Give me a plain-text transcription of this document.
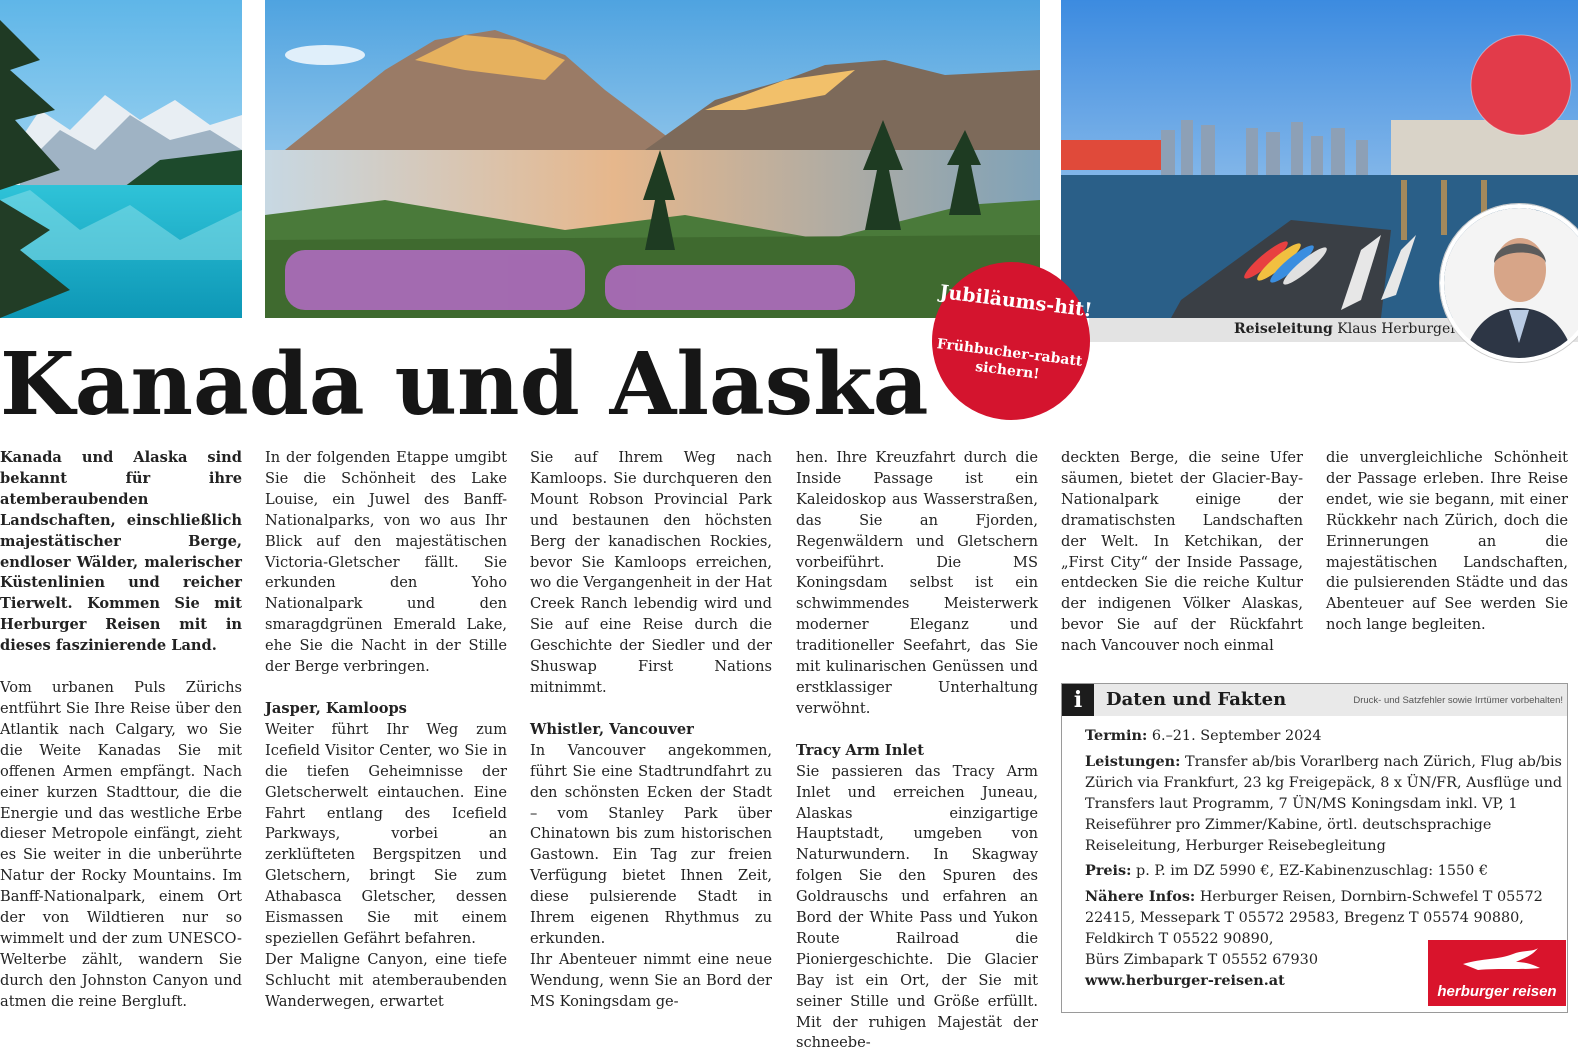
Reiseleitung Klaus Herburger
Jubiläums-hit!
Frühbucher-rabatt sichern!
Kanada und Alaska

Kanada und Alaska sind bekannt für ihre atemberaubenden Landschaften, einschließlich majestätischer Berge, endloser Wälder, malerischer Küstenlinien und reicher Tierwelt. Kommen Sie mit Herburger Reisen mit in dieses faszinierende Land.

Vom urbanen Puls Zürichs entführt Sie Ihre Reise über den Atlantik nach Calgary, wo Sie die Weite Kanadas Sie mit offenen Armen empfängt. Nach einer kurzen Stadttour, die die Energie und das westliche Erbe dieser Metropole einfängt, zieht es Sie weiter in die unberührte Natur der Rocky Mountains. Im Banff-Nationalpark, einem Ort der von Wildtieren nur so wimmelt und der zum UNESCO-Welterbe zählt, wandern Sie durch den Johnston Canyon und atmen die reine Bergluft.

In der folgenden Etappe umgibt Sie die Schönheit des Lake Louise, ein Juwel des Banff-Nationalparks, von wo aus Ihr Blick auf den majestätischen Victoria-Gletscher fällt. Sie erkunden den Yoho Nationalpark und den smaragdgrünen Emerald Lake, ehe Sie die Nacht in der Stille der Berge verbringen.

Jasper, Kamloops

Weiter führt Ihr Weg zum Icefield Visitor Center, wo Sie in die tiefen Geheimnisse der Gletscherwelt eintauchen. Eine Fahrt entlang des Icefield Parkways, vorbei an zerklüfteten Bergspitzen und Gletschern, bringt Sie zum Athabasca Gletscher, dessen Eismassen Sie mit einem speziellen Gefährt befahren.

Der Maligne Canyon, eine tiefe Schlucht mit atemberaubenden Wanderwegen, erwartet

Sie auf Ihrem Weg nach Kamloops. Sie durchqueren den Mount Robson Provincial Park und bestaunen den höchsten Berg der kanadischen Rockies, bevor Sie Kamloops erreichen, wo die Vergangenheit in der Hat Creek Ranch lebendig wird und Sie auf eine Reise durch die Geschichte der Siedler und der Shuswap First Nations mitnimmt.

Whistler, Vancouver

In Vancouver angekommen, führt Sie eine Stadtrundfahrt zu den schönsten Ecken der Stadt – vom Stanley Park über Chinatown bis zum historischen Gastown. Ein Tag zur freien Verfügung bietet Ihnen Zeit, diese pulsierende Stadt in Ihrem eigenen Rhythmus zu erkunden.

Ihr Abenteuer nimmt eine neue Wendung, wenn Sie an Bord der MS Koningsdam ge-

hen. Ihre Kreuzfahrt durch die Inside Passage ist ein Kaleidoskop aus Wasserstraßen, das Sie an Fjorden, Regenwäldern und Gletschern vorbeiführt. Die MS Koningsdam selbst ist ein schwimmendes Meisterwerk moderner Eleganz und traditioneller Seefahrt, das Sie mit kulinarischen Genüssen und erstklassiger Unterhaltung verwöhnt.

Tracy Arm Inlet

Sie passieren das Tracy Arm Inlet und erreichen Juneau, Alaskas einzigartige Hauptstadt, umgeben von Naturwundern. In Skagway folgen Sie den Spuren des Goldrauschs und erfahren an Bord der White Pass und Yukon Route Railroad die Pioniergeschichte. Die Glacier Bay ist ein Ort, der Sie mit seiner Stille und Größe erfüllt. Mit der ruhigen Majestät der schneebe-

deckten Berge, die seine Ufer säumen, bietet der Glacier-Bay-Nationalpark einige der dramatischsten Landschaften der Welt. In Ketchikan, der „First City“ der Inside Passage, entdecken Sie die reiche Kultur der indigenen Völker Alaskas, bevor Sie auf der Rückfahrt nach Vancouver noch einmal

die unvergleichliche Schönheit der Passage erleben. Ihre Reise endet, wie sie begann, mit einer Rückkehr nach Zürich, doch die Erinnerungen an die majestätischen Landschaften, die pulsierenden Städte und das Abenteuer auf See werden Sie noch lange begleiten.

i	Daten und Fakten	Druck- und Satzfehler sowie Irrtümer vorbehalten!

Termin: 6.–21. September 2024

Leistungen: Transfer ab/bis Vorarlberg nach Zürich, Flug ab/bis Zürich via Frankfurt, 23 kg Freigepäck, 8 x ÜN/FR, Ausflüge und Transfers laut Programm, 7 ÜN/MS Koningsdam inkl. VP, 1 Reiseführer pro Zimmer/Kabine, örtl. deutschsprachige Reiseleitung, Herburger Reisebegleitung

Preis: p. P. im DZ 5990 €, EZ-Kabinenzuschlag: 1550 €

Nähere Infos: Herburger Reisen, Dornbirn-Schwefel T 05572 22415, Messepark T 05572 29583, Bregenz T 05574 90880,

Feldkirch T 05522 90890,

Bürs Zimbapark T 05552 67930

www.herburger-reisen.at

herburger reisen
